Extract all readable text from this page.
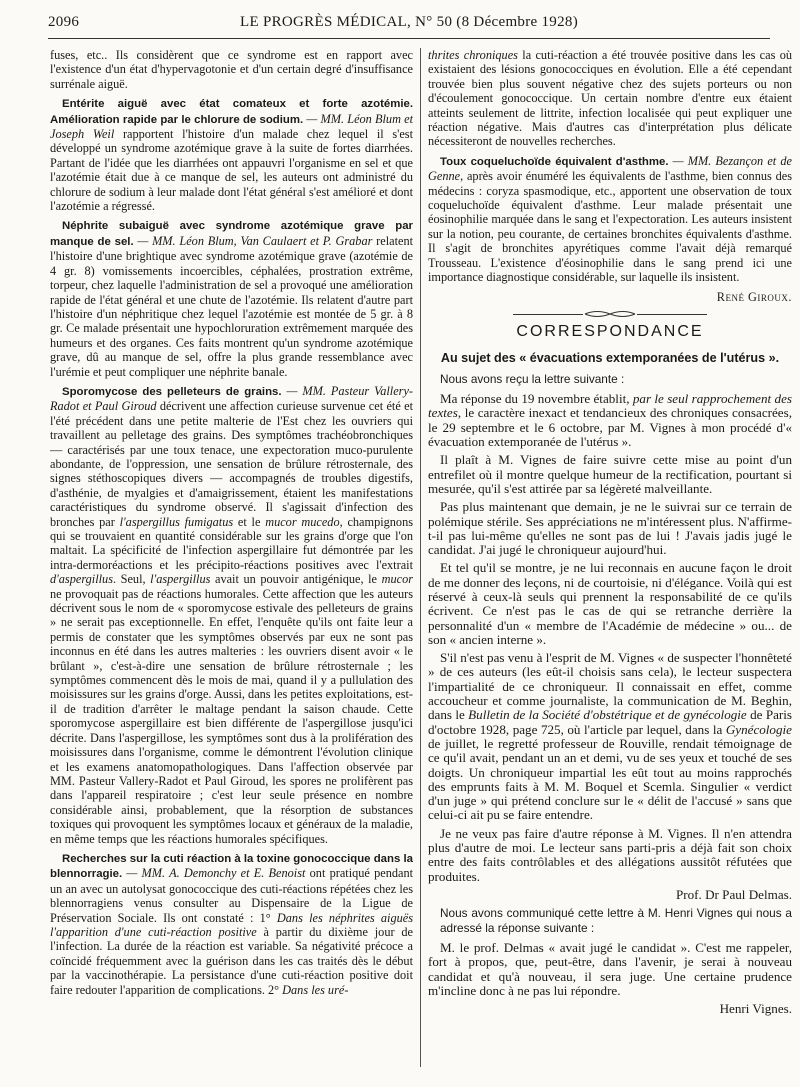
2096	LE PROGRÈS MÉDICAL, N° 50 (8 Décembre 1928)

fuses, etc.. Ils considèrent que ce syndrome est en rapport avec l'existence d'un état d'hypervagotonie et d'un certain degré d'insuffisance surrénale aiguë.

Entérite aiguë avec état comateux et forte azotémie. Amélioration rapide par le chlorure de sodium. — MM. Léon Blum et Joseph Weil rapportent l'histoire d'un malade chez lequel il s'est développé un syndrome azotémique grave à la suite de fortes diarrhées. Partant de l'idée que les diarrhées ont appauvri l'organisme en sel et que l'azotémie était due à ce manque de sel, les auteurs ont administré du chlorure de sodium à leur malade dont l'état général s'est amélioré et dont l'azotémie a régressé.

Néphrite subaiguë avec syndrome azotémique grave par manque de sel. — MM. Léon Blum, Van Caulaert et P. Grabar relatent l'histoire d'une brightique avec syndrome azotémique grave (azotémie de 4 gr. 8) vomissements incoercibles, céphalées, prostration extrême, torpeur, chez laquelle l'administration de sel a provoqué une amélioration rapide de l'état général et une chute de l'azotémie. Ils relatent d'autre part l'histoire d'un néphritique chez lequel l'azotémie est montée de 5 gr. à 8 gr. Ce malade présentait une hypochloruration extrêmement marquée des humeurs et des organes. Ces faits montrent qu'un syndrome azotémique grave, dû au manque de sel, offre la plus grande ressemblance avec l'urémie et peut compliquer une néphrite banale.

Sporomycose des pelleteurs de grains. — MM. Pasteur Vallery-Radot et Paul Giroud décrivent une affection curieuse survenue cet été et l'été précédent dans une petite malterie de l'Est chez les ouvriers qui travaillent au pelletage des grains. Des symptômes trachéobronchiques — caractérisés par une toux tenace, une expectoration muco-purulente abondante, de l'oppression, une sensation de brûlure rétrosternale, des signes stéthoscopiques divers — accompagnés de troubles digestifs, d'asthénie, de myalgies et d'amaigrissement, étaient les manifestations caractéristiques du syndrome observé. Il s'agissait d'infection des bronches par l'aspergillus fumigatus et le mucor mucedo, champignons qui se trouvaient en quantité considérable sur les grains d'orge que l'on maltait. La spécificité de l'infection aspergillaire fut démontrée par les intra-dermoréactions et les précipito-réactions positives avec l'extrait d'aspergillus. Seul, l'aspergillus avait un pouvoir antigénique, le mucor ne provoquait pas de réactions humorales. Cette affection que les auteurs décrivent sous le nom de « sporomycose estivale des pelleteurs de grains » ne serait pas exceptionnelle. En effet, l'enquête qu'ils ont faite leur a permis de constater que les symptômes observés par eux ne sont pas inconnus en été dans les autres malteries : les ouvriers disent avoir « le brûlant », c'est-à-dire une sensation de brûlure rétrosternale ; les symptômes commencent dès le mois de mai, quand il y a pullulation des moisissures sur les grains d'orge. Aussi, dans les petites exploitations, est-il de tradition d'arrêter le maltage pendant la saison chaude. Cette sporomycose aspergillaire est bien différente de l'aspergillose jusqu'ici décrite. Dans l'aspergillose, les symptômes sont dus à la prolifération des moisissures dans l'organisme, comme le démontrent l'évolution clinique et les examens anatomopathologiques. Dans l'affection observée par MM. Pasteur Vallery-Radot et Paul Giroud, les spores ne prolifèrent pas dans l'appareil respiratoire ; c'est leur seule présence en nombre considérable ainsi, probablement, que la résorption de substances toxiques qui provoquent les symptômes locaux et généraux de la maladie, en même temps que les réactions humorales spécifiques.

Recherches sur la cuti réaction à la toxine gonococcique dans la blennorragie. — MM. A. Demonchy et E. Benoist ont pratiqué pendant un an avec un autolysat gonococcique des cuti-réactions répétées chez les blennorragiens venus consulter au Dispensaire de la Ligue de Préservation Sociale. Ils ont constaté : 1° Dans les néphrites aiguës l'apparition d'une cuti-réaction positive à partir du dixième jour de l'infection. La durée de la réaction est variable. Sa négativité précoce a coïncidé fréquemment avec la guérison dans les cas traités dès le début par la vaccinothérapie. La persistance d'une cuti-réaction positive doit faire redouter l'apparition de complications. 2° Dans les uré-

thrites chroniques la cuti-réaction a été trouvée positive dans les cas où existaient des lésions gonococciques en évolution. Elle a été cependant trouvée bien plus souvent négative chez des sujets porteurs ou non d'écoulement gonococcique. Un certain nombre d'entre eux étaient atteints seulement de littrite, infection localisée qui peut expliquer une réaction négative. Mais d'autres cas d'interprétation plus délicate nécessiteront de nouvelles recherches.

Toux coqueluchoïde équivalent d'asthme. — MM. Bezançon et de Genne, après avoir énuméré les équivalents de l'asthme, bien connus des médecins : coryza spasmodique, etc., apportent une observation de toux coqueluchoïde équivalent d'asthme. Leur malade présentait une éosinophilie marquée dans le sang et l'expectoration. Les auteurs insistent sur la notion, peu courante, de certaines bronchites équivalents d'asthme. Il s'agit de bronchites apyrétiques comme l'avait déjà remarqué Trousseau. L'existence d'éosinophilie dans le sang prend ici une importance diagnostique considérable, sur laquelle ils insistent.

René Giroux.

CORRESPONDANCE

Au sujet des « évacuations extemporanées de l'utérus ».

Nous avons reçu la lettre suivante :

Ma réponse du 19 novembre établit, par le seul rapprochement des textes, le caractère inexact et tendancieux des chroniques consacrées, le 29 septembre et le 6 octobre, par M. Vignes à mon procédé d'« évacuation extemporanée de l'utérus ».

Il plaît à M. Vignes de faire suivre cette mise au point d'un entrefilet où il montre quelque humeur de la rectification, pourtant si mesurée, qu'il s'est attirée par sa légèreté malveillante.

Pas plus maintenant que demain, je ne le suivrai sur ce terrain de polémique stérile. Ses appréciations ne m'intéressent plus. N'affirme-t-il pas lui-même qu'elles ne sont pas de lui ! J'avais jadis jugé le candidat. J'ai jugé le chroniqueur aujourd'hui.

Et tel qu'il se montre, je ne lui reconnais en aucune façon le droit de me donner des leçons, ni de courtoisie, ni d'élégance. Voilà qui est réservé à ceux-là seuls qui prennent la responsabilité de ce qu'ils écrivent. Ce n'est pas le cas de qui se retranche derrière la personnalité d'un « membre de l'Académie de médecine » ou... de son « ancien interne ».

S'il n'est pas venu à l'esprit de M. Vignes « de suspecter l'honnêteté » de ces auteurs (les eût-il choisis sans cela), le lecteur suspectera l'impartialité de ce chroniqueur. Il connaissait en effet, comme accoucheur et comme journaliste, la communication de M. Beghin, dans le Bulletin de la Société d'obstétrique et de gynécologie de Paris d'octobre 1928, page 725, où l'article par lequel, dans la Gynécologie de juillet, le regretté professeur de Rouville, rendait témoignage de ce qu'il avait, pendant un an et demi, vu de ses yeux et touché de ses doigts. Un chroniqueur impartial les eût tout au moins rapprochés des emprunts faits à M. M. Boquel et Scemla. Singulier « verdict d'un juge » qui prétend conclure sur le « délit de l'accusé » sans que celui-ci ait pu se faire entendre.

Je ne veux pas faire d'autre réponse à M. Vignes. Il n'en attendra plus d'autre de moi. Le lecteur sans parti-pris a déjà fait son choix entre des faits contrôlables et des allégations aussitôt réfutées que produites.

Prof. Dr Paul Delmas.

Nous avons communiqué cette lettre à M. Henri Vignes qui nous a adressé la réponse suivante :

M. le prof. Delmas « avait jugé le candidat ». C'est me rappeler, fort à propos, que, peut-être, dans l'avenir, je serai à nouveau candidat et qu'à nouveau, il sera juge. Une certaine prudence m'incline donc à ne pas lui répondre.

Henri Vignes.
